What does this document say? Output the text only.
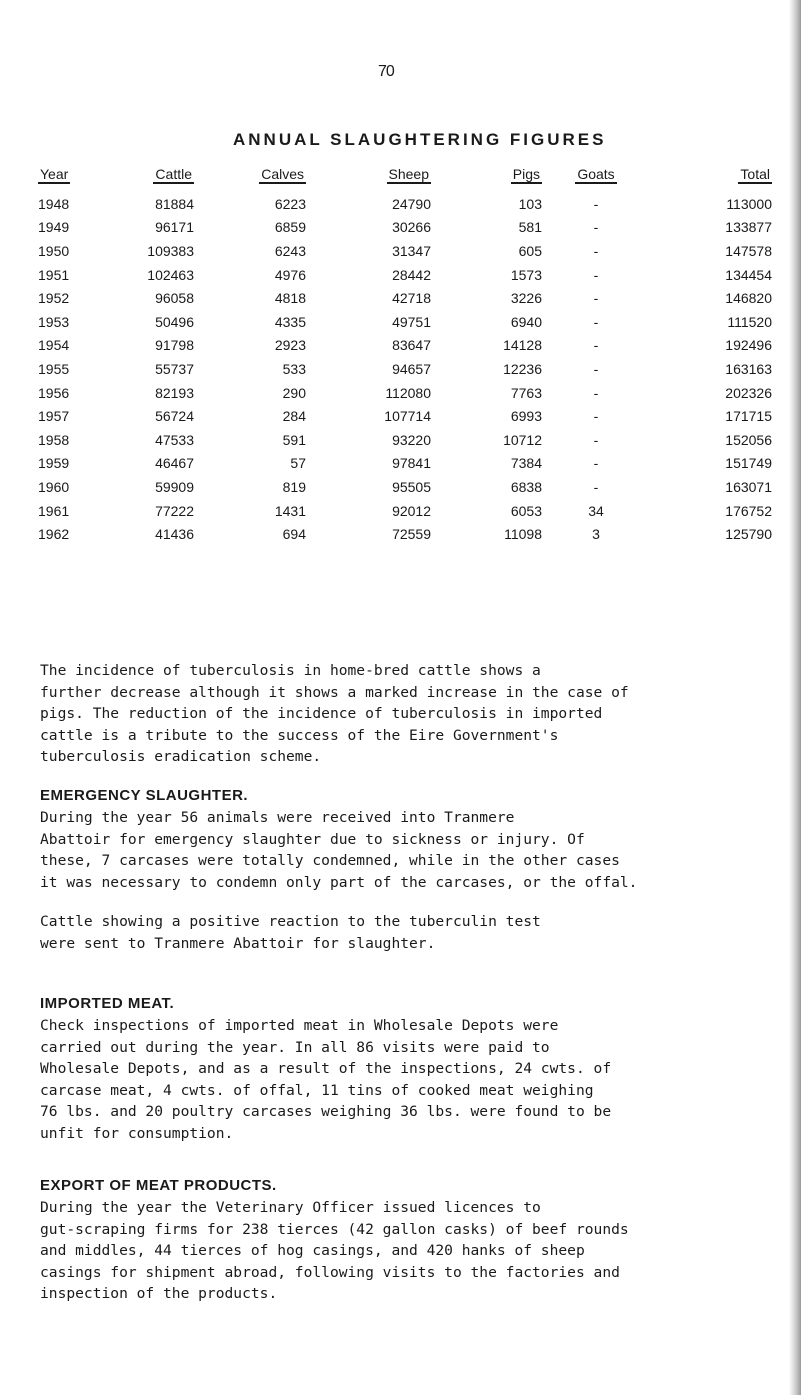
70
ANNUAL SLAUGHTERING FIGURES
Year	Cattle	Calves	Sheep	Pigs	Goats	Total
1948	81884	6223	24790	103	-	113000
1949	96171	6859	30266	581	-	133877
1950	109383	6243	31347	605	-	147578
1951	102463	4976	28442	1573	-	134454
1952	96058	4818	42718	3226	-	146820
1953	50496	4335	49751	6940	-	111520
1954	91798	2923	83647	14128	-	192496
1955	55737	533	94657	12236	-	163163
1956	82193	290	112080	7763	-	202326
1957	56724	284	107714	6993	-	171715
1958	47533	591	93220	10712	-	152056
1959	46467	57	97841	7384	-	151749
1960	59909	819	95505	6838	-	163071
1961	77222	1431	92012	6053	34	176752
1962	41436	694	72559	11098	3	125790
The incidence of tuberculosis in home-bred cattle shows a
further decrease although it shows a marked increase in the case of
pigs. The reduction of the incidence of tuberculosis in imported
cattle is a tribute to the success of the Eire Government's
tuberculosis eradication scheme.
EMERGENCY SLAUGHTER.
During the year 56 animals were received into Tranmere
Abattoir for emergency slaughter due to sickness or injury. Of
these, 7 carcases were totally condemned, while in the other cases
it was necessary to condemn only part of the carcases, or the offal.
Cattle showing a positive reaction to the tuberculin test
were sent to Tranmere Abattoir for slaughter.
IMPORTED MEAT.
Check inspections of imported meat in Wholesale Depots were
carried out during the year. In all 86 visits were paid to
Wholesale Depots, and as a result of the inspections, 24 cwts. of
carcase meat, 4 cwts. of offal, 11 tins of cooked meat weighing
76 lbs. and 20 poultry carcases weighing 36 lbs. were found to be
unfit for consumption.
EXPORT OF MEAT PRODUCTS.
During the year the Veterinary Officer issued licences to
gut-scraping firms for 238 tierces (42 gallon casks) of beef rounds
and middles, 44 tierces of hog casings, and 420 hanks of sheep
casings for shipment abroad, following visits to the factories and
inspection of the products.
